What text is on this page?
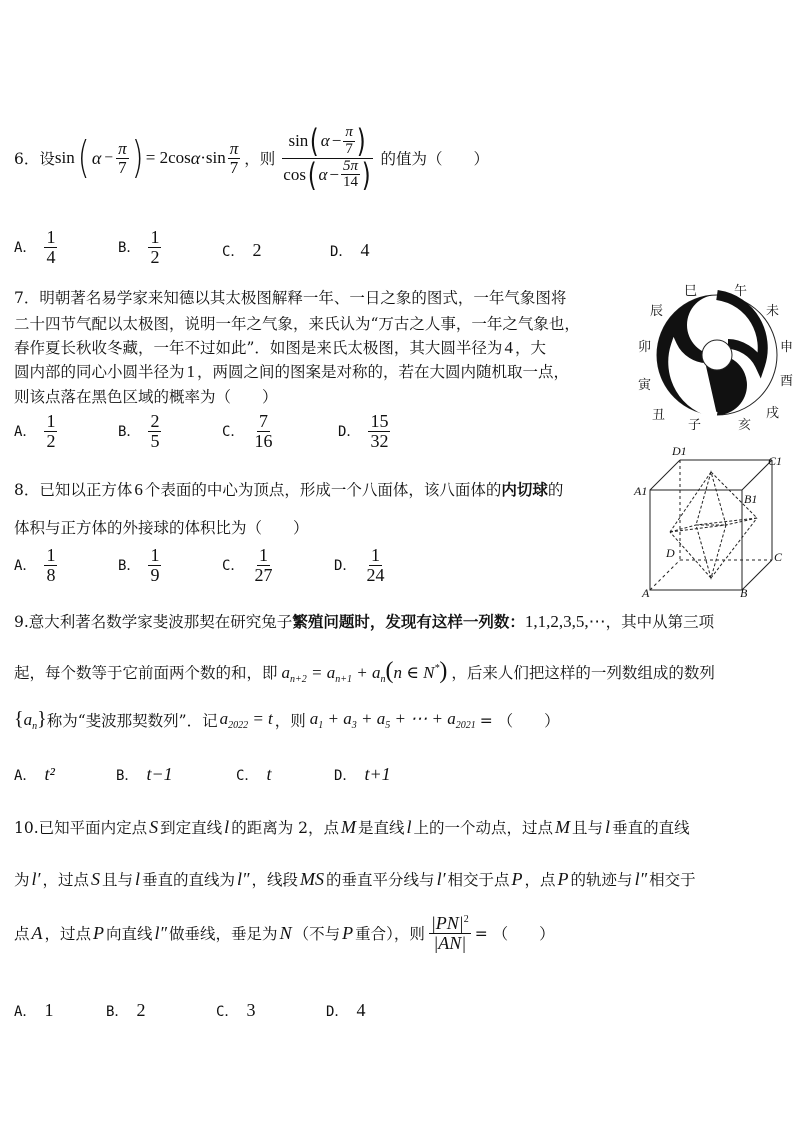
6．设 sin ( $\alpha - \frac{\pi}{7}$ ) = 2cos $\alpha \cdot\sin \frac{\pi}{7}$ ，则
sin ( $\alpha - \frac{\pi}{7}$ )
cos ( $\alpha - \frac{5\pi}{14}$ ) 的值为（　　）
A． $\frac{1}{4}$	B． $\frac{1}{2}$	C． 2	D． 4
7．明朝著名易学家来知德以其太极图解释一年、一日之象的图式，一年气象图将
二十四节气配以太极图，说明一年之气象，来氏认为“万古之人事，一年之气象也，
春作夏长秋收冬藏，一年不过如此”．如图是来氏太极图，其大圆半径为 4 ，大
圆内部的同心小圆半径为 1 ，两圆之间的图案是对称的，若在大圆内随机取一点，
则该点落在黑色区域的概率为（　　）
A． $\frac{1}{2}$	B． $\frac{2}{5}$	C． $\frac{7}{16}$	D． $\frac{15}{32}$
巳	午
辰	未
卯	申
寅	酉
丑	戌
子	亥
8．已知以正方体 6 个表面的中心为顶点，形成一个八面体，该八面体的内切球的
体积与正方体的外接球的体积比为（　　）
A． $\frac{1}{8}$	B． $\frac{1}{9}$	C． $\frac{1}{27}$	D． $\frac{1}{24}$
D1
C1
A1
B1
D	C
A	B
9.意大利著名数学家斐波那契在研究兔子繁殖问题时，发现有这样一列数：1,1,2,3,5,⋯，其中从第三项
起，每个数等于它前面两个数的和，即 $a_{n+2} = a_{n+1} + a_n(n$ ∈ N*) ，后来人们把这样的一列数组成的数列
$\{a_n\}$ 称为“斐波那契数列”．记 $a_{2022} = t$ ，则 $a_1 + a_3 + a_5$ + ⋯ + $a_{2021}$ = （　　）
A． t²	B． t−1	C． t	D． t+1
10.已知平面内定点 S 到定直线 l 的距离为 2，点 M 是直线 l 上的一个动点，过点 M 且与 l 垂直的直线
为 l′ ，过点 S 且与 l 垂直的直线为 l″ ，线段 MS 的垂直平分线与 l′ 相交于点 P ，点 P 的轨迹与 l″ 相交于
点 A ，过点 P 向直线 l″ 做垂线，垂足为 N （不与 P 重合），则 $\frac{|PN|^2}{|AN|}$ = （　　）
A． 1	B． 2	C． 3	D． 4
